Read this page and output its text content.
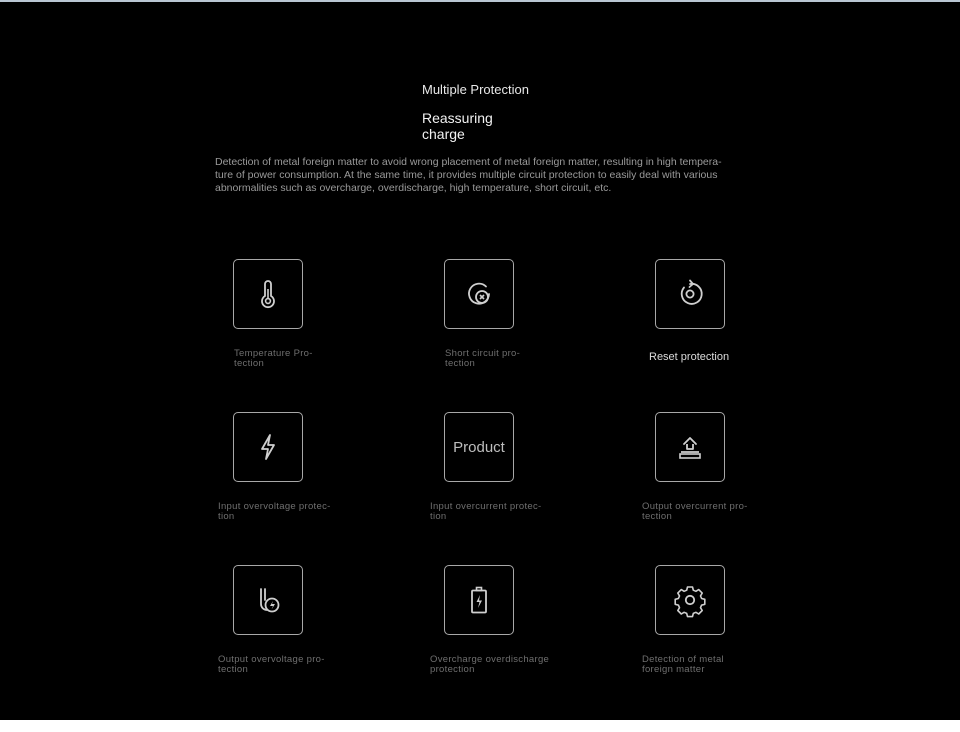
Multiple Protection
Reassuring
charge
Detection of metal foreign matter to avoid wrong placement of metal foreign matter, resulting in high tempera-
ture of power consumption. At the same time, it provides multiple circuit protection to easily deal with various
abnormalities such as overcharge, overdischarge, high temperature, short circuit, etc.
Temperature Pro-
tection
Short circuit pro-
tection
Reset protection
Input overvoltage protec-
tion
Product
Input overcurrent protec-
tion
Output overcurrent pro-
tection
Output overvoltage pro-
tection
Overcharge overdischarge
protection
Detection of metal
foreign matter
